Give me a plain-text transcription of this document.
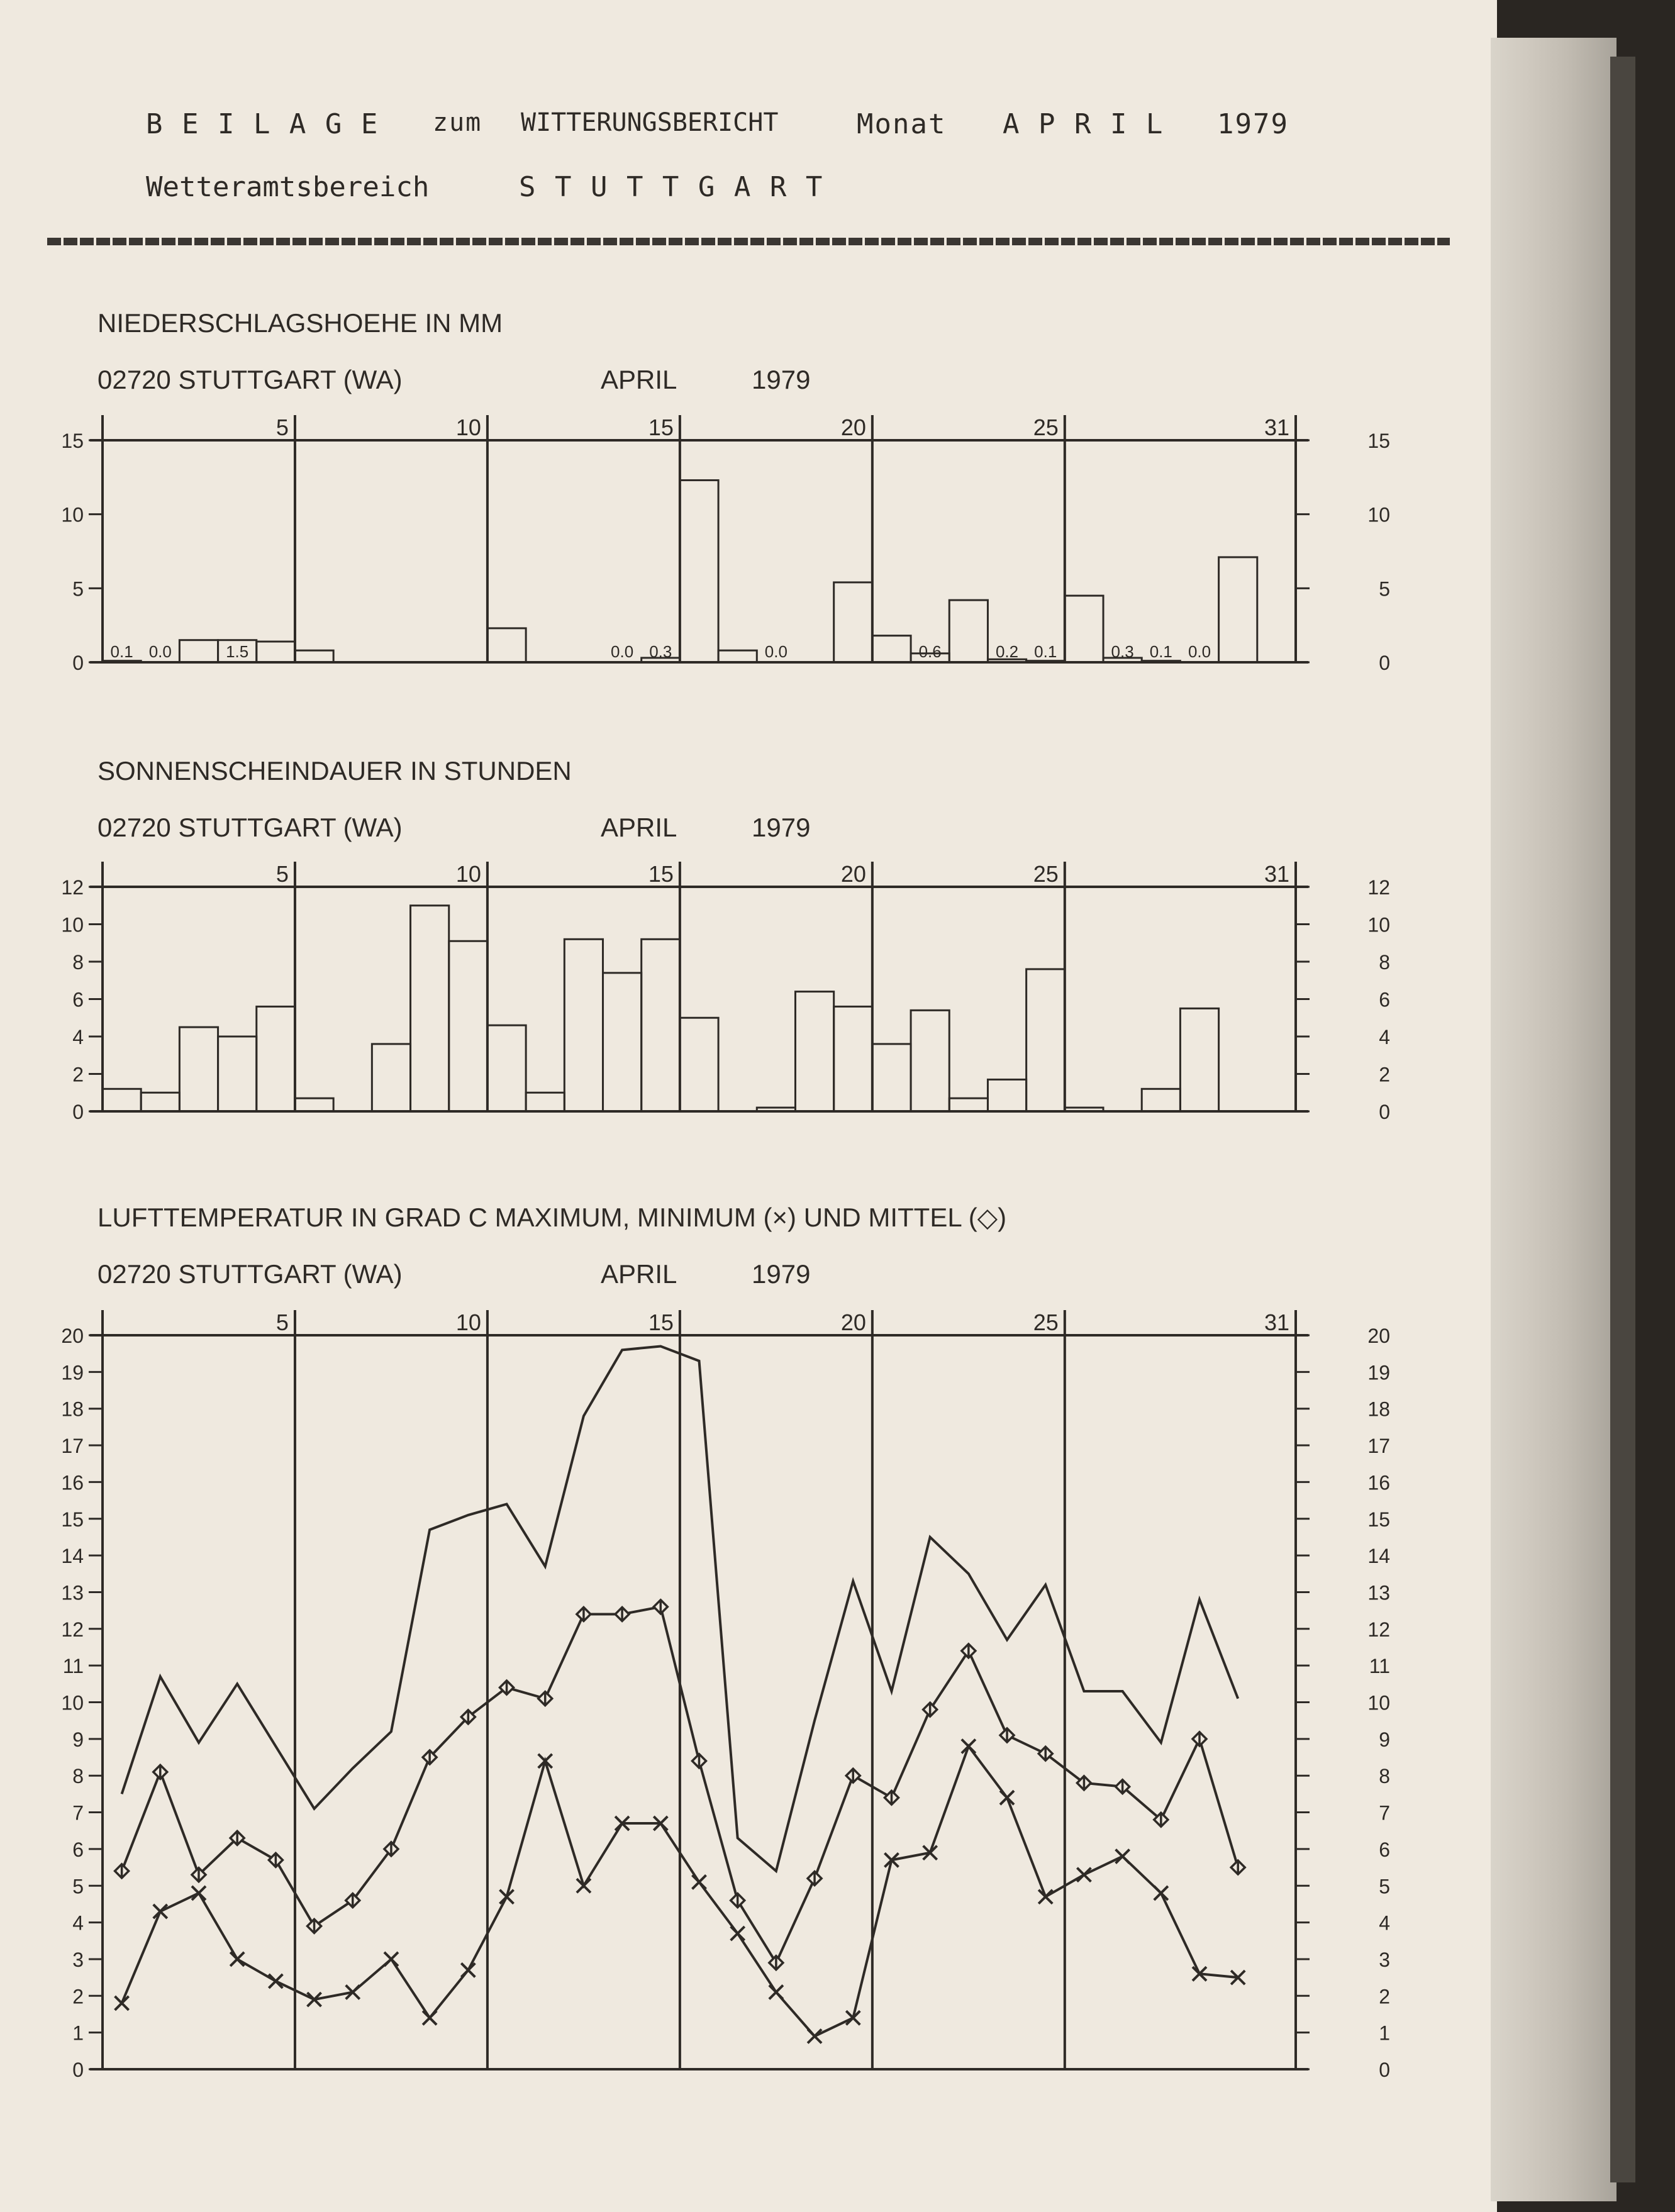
B E I L A G E zum WITTERUNGSBERICHT	Monat A P R I L 1979
Wetteramtsbereich	S T U T T G A R T
NIEDERSCHLAGSHOEHE IN MM
02720 STUTTGART (WA)	APRIL	1979
5	10	15	20	25	31
0	0
5	5
10	10
15	15
0.1 0.0	1.5	0.0 0.3	0.0	0.6	0.2 0.1	0.3 0.1 0.0
SONNENSCHEINDAUER IN STUNDEN
02720 STUTTGART (WA)	APRIL	1979
5	10	15	20	25	31
0	0
2	2
4	4
6	6
8	8
10	10
12	12
LUFTTEMPERATUR IN GRAD C MAXIMUM, MINIMUM (×) UND MITTEL (◇)
02720 STUTTGART (WA)	APRIL	1979
5	10	15	20	25	31
0	0
1	1
2	2
3	3
4	4
5	5
6	6
7	7
8	8
9	9
10	10
11	11
12	12
13	13
14	14
15	15
16	16
17	17
18	18
19	19
20	20
